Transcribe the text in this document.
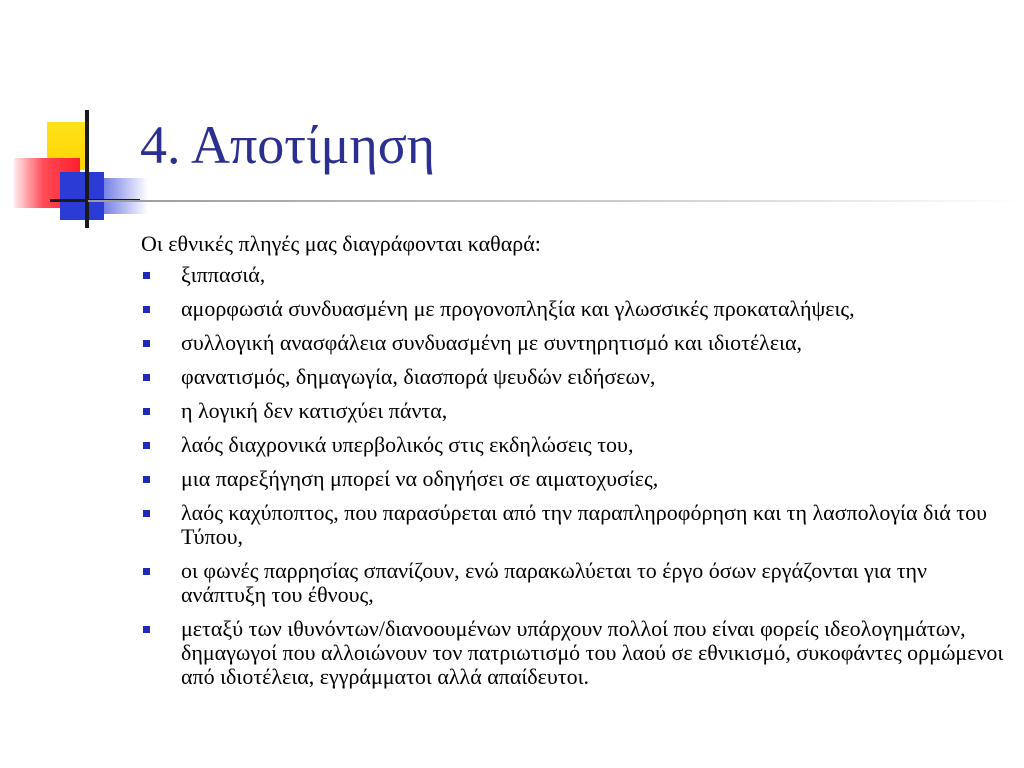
4. Αποτίμηση

Οι εθνικές πληγές μας διαγράφονται καθαρά:

ξιππασιά,
αμορφωσιά συνδυασμένη με προγονοπληξία και γλωσσικές προκαταλήψεις,
συλλογική ανασφάλεια συνδυασμένη με συντηρητισμό και ιδιοτέλεια,
φανατισμός, δημαγωγία, διασπορά ψευδών ειδήσεων,
η λογική δεν κατισχύει πάντα,
λαός διαχρονικά υπερβολικός στις εκδηλώσεις του,
μια παρεξήγηση μπορεί να οδηγήσει σε αιματοχυσίες,
λαός καχύποπτος, που παρασύρεται από την παραπληροφόρηση και τη λασπολογία διά του Τύπου,
οι φωνές παρρησίας σπανίζουν, ενώ παρακωλύεται το έργο όσων εργάζονται για την ανάπτυξη του έθνους,
μεταξύ των ιθυνόντων/διανοουμένων υπάρχουν πολλοί που είναι φορείς ιδεολογημάτων, δημαγωγοί που αλλοιώνουν τον πατριωτισμό του λαού σε εθνικισμό, συκοφάντες ορμώμενοι από ιδιοτέλεια, εγγράμματοι αλλά απαίδευτοι.
